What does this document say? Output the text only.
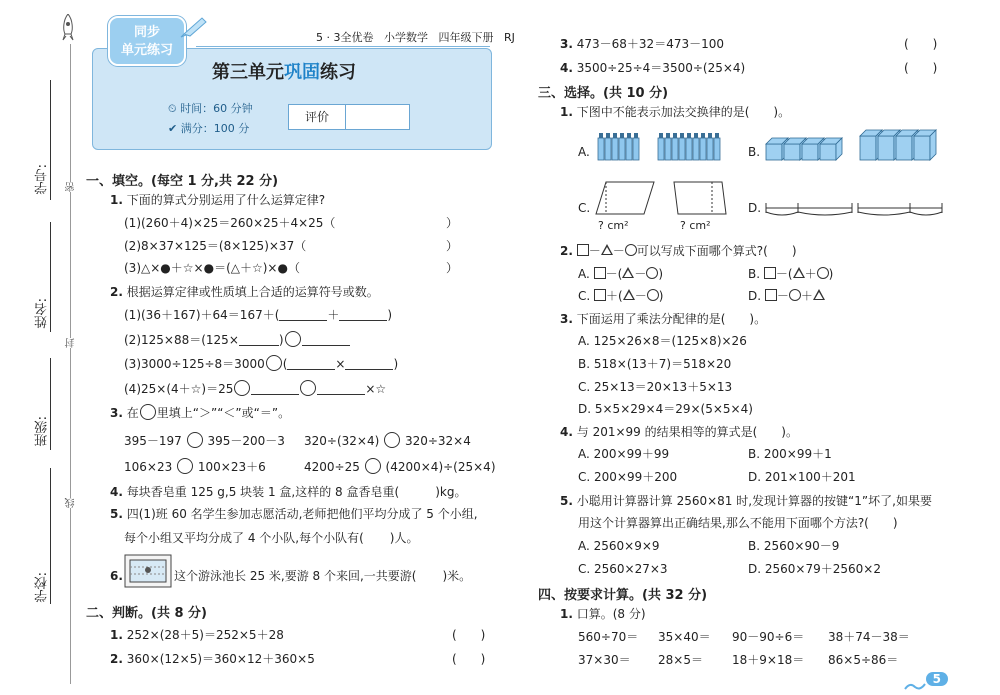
密
封
线
学号:
姓名:
班级:
学校:
5 · 3全优卷 小学数学 四年级下册 RJ
同步
单元练习
第三单元巩固练习
⏲ 时间：60 分钟
✔ 满分：100 分
评价
一、填空。(每空 1 分,共 22 分)
1. 下面的算式分别运用了什么运算定律?
(1)(260＋4)×25＝260×25＋4×25（	）
(2)8×37×125＝(8×125)×37（	）
(3)△×●＋☆×●＝(△＋☆)×●（	）
2. 根据运算定律或性质填上合适的运算符号或数。
(1)(36＋167)＋64＝167＋(	＋	)
(2)125×88＝(125×	)
(3)3000÷125÷8＝3000 (	×	)
(4)25×(4＋☆)＝25	×☆
3. 在 里填上“＞”“＜”或“＝”。
395－197 395－200－3 320÷(32×4) 320÷32×4
106×23 100×23＋6	4200÷25 (4200×4)÷(25×4)
4. 每块香皂重 125 g,5 块装 1 盒,这样的 8 盒香皂重(	)kg。
5. 四(1)班 60 名学生参加志愿活动,老师把他们平均分成了 5 个小组,
每个小组又平均分成了 4 个小队,每个小队有( )人。
6.	这个游泳池长 25 米,要游 8 个来回,一共要游( )米。
二、判断。(共 8 分)
1. 252×(28＋5)＝252×5＋28	(　　)
2. 360×(12×5)＝360×12＋360×5	(　　)
3. 473－68＋32＝473－100	(　　)
4. 3500÷25÷4＝3500÷(25×4)	(　　)
三、选择。(共 10 分)
1. 下图中不能表示加法交换律的是(　　)。
A.	B.
C.
? cm²	? cm²
D.
2. － － 可以写成下面哪个算式?(　　)
A. －( － )	B. －( ＋ )
C. ＋( － )	D. － ＋
3. 下面运用了乘法分配律的是(　　)。
A. 125×26×8＝(125×8)×26
B. 518×(13＋7)＝518×20
C. 25×13＝20×13＋5×13
D. 5×5×29×4＝29×(5×5×4)
4. 与 201×99 的结果相等的算式是(　　)。
A. 200×99＋99	B. 200×99＋1
C. 200×99＋200	D. 201×100＋201
5. 小聪用计算器计算 2560×81 时,发现计算器的按键“1”坏了,如果要
用这个计算器算出正确结果,那么不能用下面哪个方法?(　　)
A. 2560×9×9	B. 2560×90－9
C. 2560×27×3	D. 2560×79＋2560×2
四、按要求计算。(共 32 分)
1. 口算。(8 分)
560÷70＝ 35×40＝ 90－90÷6＝ 38＋74－38＝
37×30＝ 28×5＝ 18＋9×18＝ 86×5÷86＝
5
